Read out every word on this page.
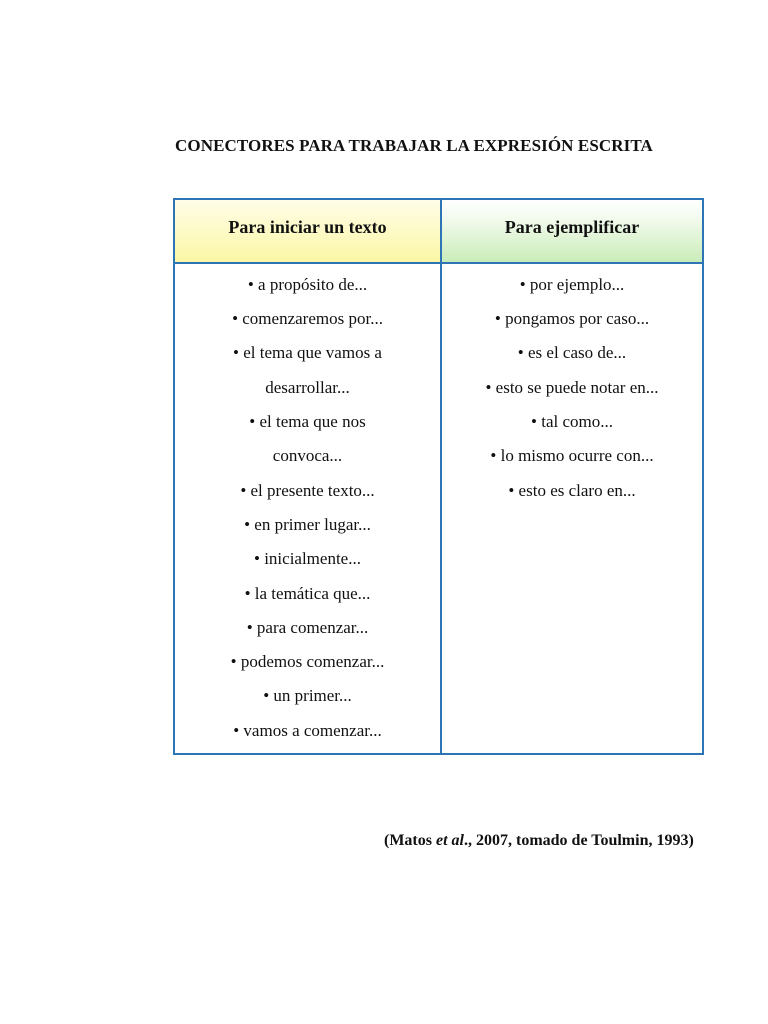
CONECTORES PARA TRABAJAR LA EXPRESIÓN ESCRITA
Para iniciar un texto	Para ejemplificar
• a propósito de...
• comenzaremos por...
• el tema que vamos a
desarrollar...
• el tema que nos
convoca...
• el presente texto...
• en primer lugar...
• inicialmente...
• la temática que...
• para comenzar...
• podemos comenzar...
• un primer...
• vamos a comenzar...
• por ejemplo...
• pongamos por caso...
• es el caso de...
• esto se puede notar en...
• tal como...
• lo mismo ocurre con...
• esto es claro en...
(Matos et al., 2007, tomado de Toulmin, 1993)
